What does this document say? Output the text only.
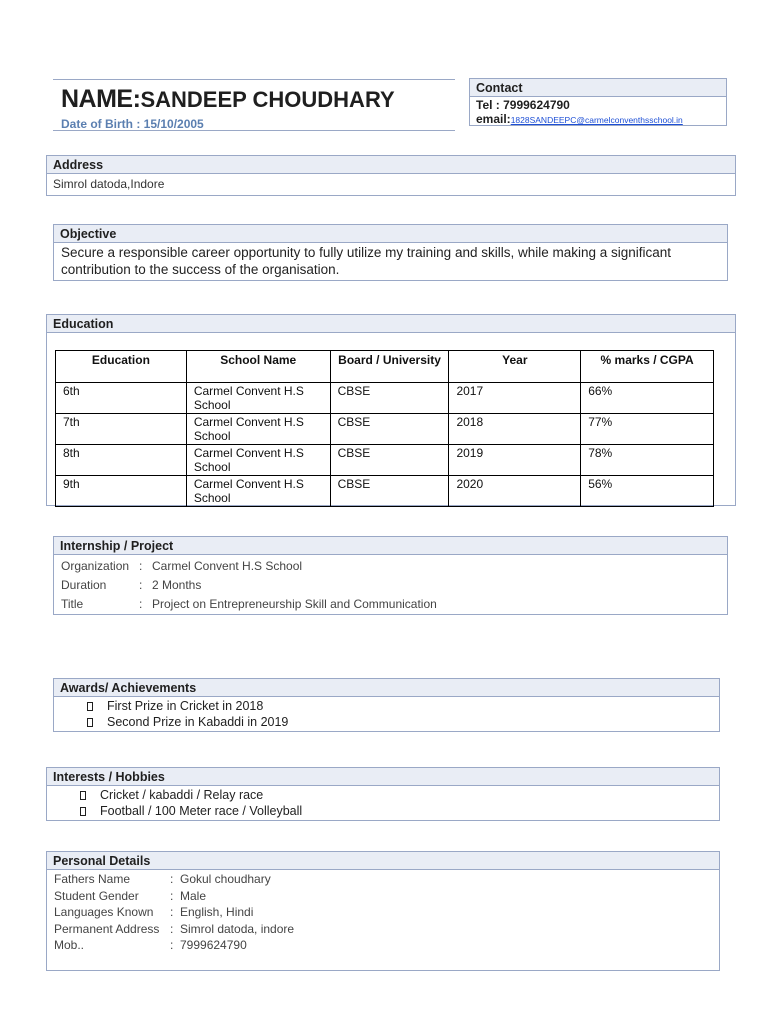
NAME:SANDEEP CHOUDHARY
Date of Birth : 15/10/2005
Contact
Tel : 7999624790
email:1828SANDEEPC@carmelconventhsschool.in
Address
Simrol datoda,Indore
Objective
Secure a responsible career opportunity to fully utilize my training and skills, while making a significant contribution to the success of the organisation.
Education
Education	School Name	Board / University	Year	% marks / CGPA
6th	Carmel Convent H.S School	CBSE	2017	66%
7th	Carmel Convent H.S School	CBSE	2018	77%
8th	Carmel Convent H.S School	CBSE	2019	78%
9th	Carmel Convent H.S School	CBSE	2020	56%
Internship / Project
Organization : Carmel Convent H.S School
Duration	: 2 Months
Title	: Project on Entrepreneurship Skill and Communication
Awards/ Achievements
First Prize in Cricket in 2018
Second Prize in Kabaddi in 2019
Interests / Hobbies
Cricket / kabaddi / Relay race
Football / 100 Meter race / Volleyball
Personal Details
Fathers Name	: Gokul choudhary
Student Gender	: Male
Languages Known	: English, Hindi
Permanent Address : Simrol datoda, indore
Mob..	: 7999624790
